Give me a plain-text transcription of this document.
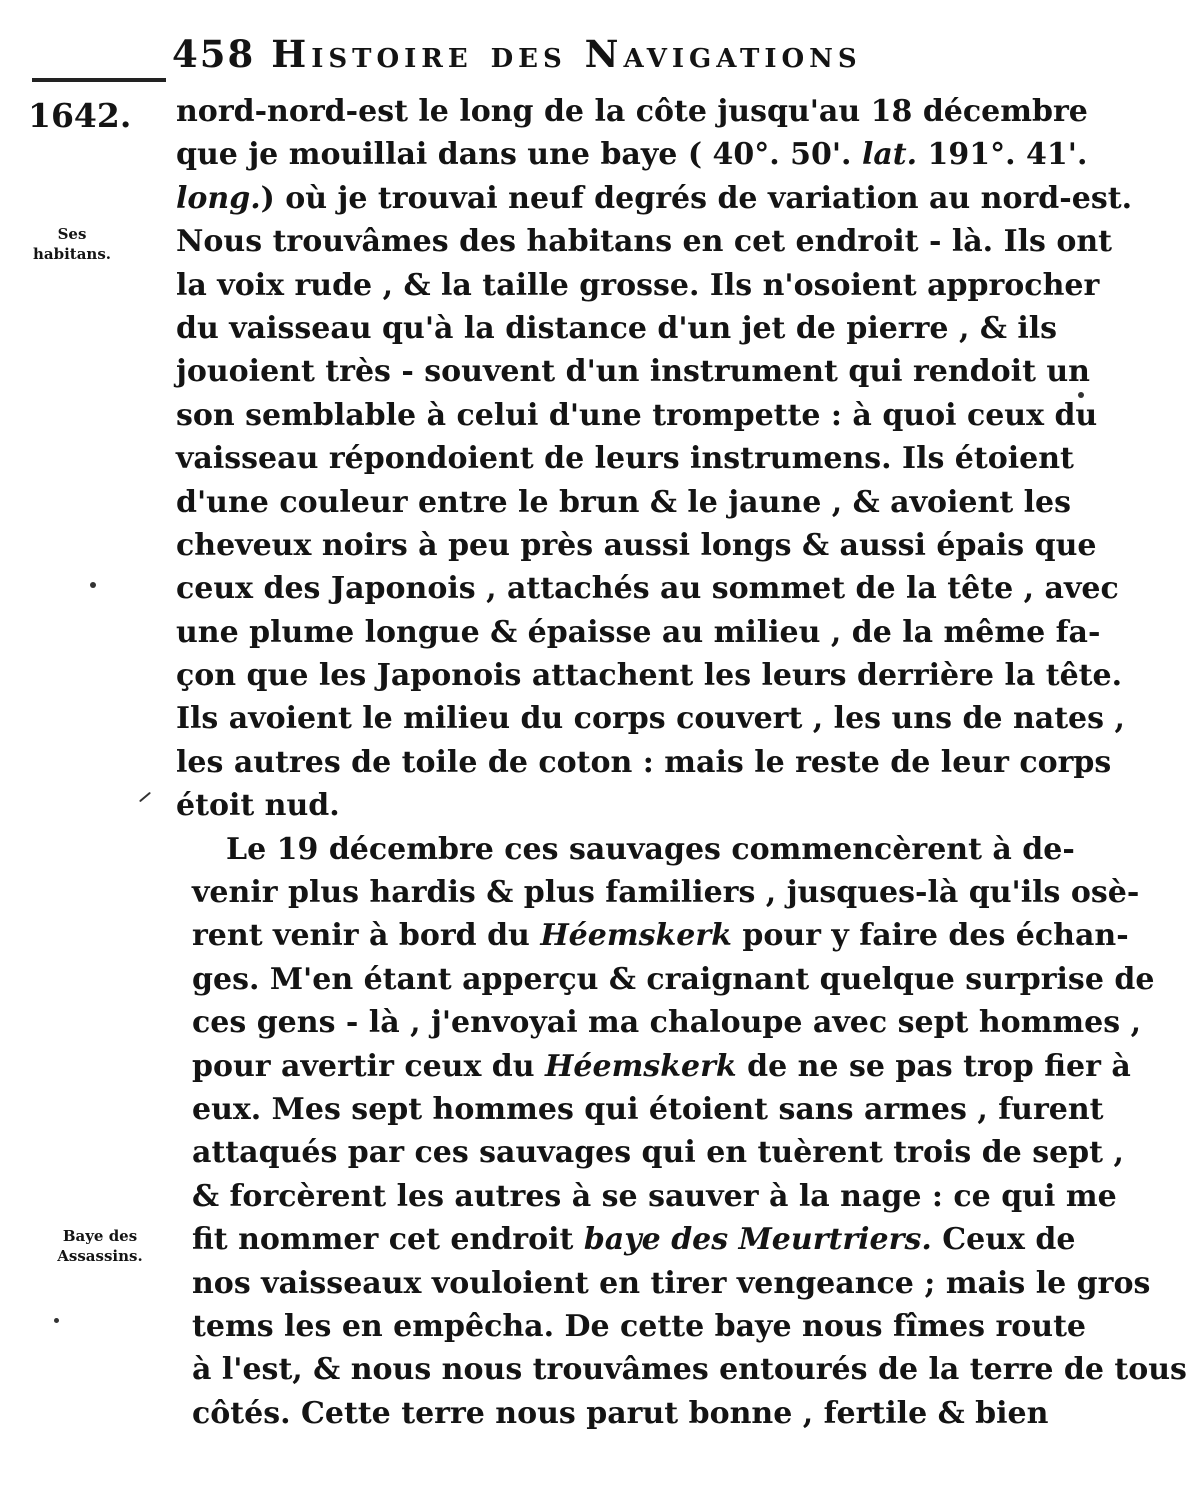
458 Histoire des Navigations
1642.
Ses habitans.
Baye des Assassins.
nord-nord-est le long de la côte jusqu'au 18 décembre
que je mouillai dans une baye ( 40°. 50'. lat. 191°. 41'.
long.) où je trouvai neuf degrés de variation au nord-est.
Nous trouvâmes des habitans en cet endroit - là. Ils ont
la voix rude , & la taille grosse. Ils n'osoient approcher
du vaisseau qu'à la distance d'un jet de pierre , & ils
jouoient très - souvent d'un instrument qui rendoit un
son semblable à celui d'une trompette : à quoi ceux du
vaisseau répondoient de leurs instrumens. Ils étoient
d'une couleur entre le brun & le jaune , & avoient les
cheveux noirs à peu près aussi longs & aussi épais que
ceux des Japonois , attachés au sommet de la tête , avec
une plume longue & épaisse au milieu , de la même fa-
çon que les Japonois attachent les leurs derrière la tête.
Ils avoient le milieu du corps couvert , les uns de nates ,
les autres de toile de coton : mais le reste de leur corps
étoit nud.
Le 19 décembre ces sauvages commencèrent à de-
venir plus hardis & plus familiers , jusques-là qu'ils osè-
rent venir à bord du Héemskerk pour y faire des échan-
ges. M'en étant apperçu & craignant quelque surprise de
ces gens - là , j'envoyai ma chaloupe avec sept hommes ,
pour avertir ceux du Héemskerk de ne se pas trop fier à
eux. Mes sept hommes qui étoient sans armes , furent
attaqués par ces sauvages qui en tuèrent trois de sept ,
& forcèrent les autres à se sauver à la nage : ce qui me
fit nommer cet endroit baye des Meurtriers. Ceux de
nos vaisseaux vouloient en tirer vengeance ; mais le gros
tems les en empêcha. De cette baye nous fîmes route
à l'est, & nous nous trouvâmes entourés de la terre de tous
côtés. Cette terre nous parut bonne , fertile & bien
